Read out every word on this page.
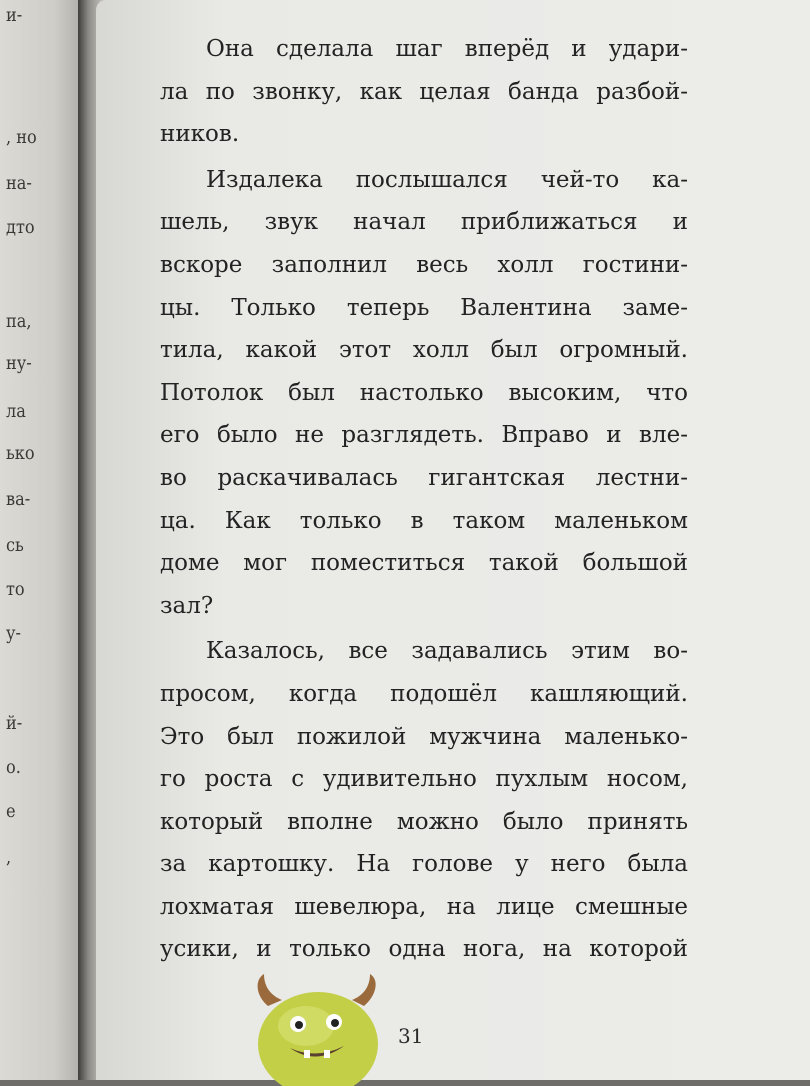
и-
, но
на-
дто
па,
ну-
ла
ько
ва-
сь
то
у-
й-
о.
е
,
Она сделала шаг вперёд и удари-
ла по звонку, как целая банда разбой-
ников.
Издалека послышался чей-то ка-
шель, звук начал приближаться и
вскоре заполнил весь холл гостини-
цы. Только теперь Валентина заме-
тила, какой этот холл был огромный.
Потолок был настолько высоким, что
его было не разглядеть. Вправо и вле-
во раскачивалась гигантская лестни-
ца. Как только в таком маленьком
доме мог поместиться такой большой
зал?
Казалось, все задавались этим во-
просом, когда подошёл кашляющий.
Это был пожилой мужчина маленько-
го роста с удивительно пухлым носом,
который вполне можно было принять
за картошку. На голове у него была
лохматая шевелюра, на лице смешные
усики, и только одна нога, на которой
31
